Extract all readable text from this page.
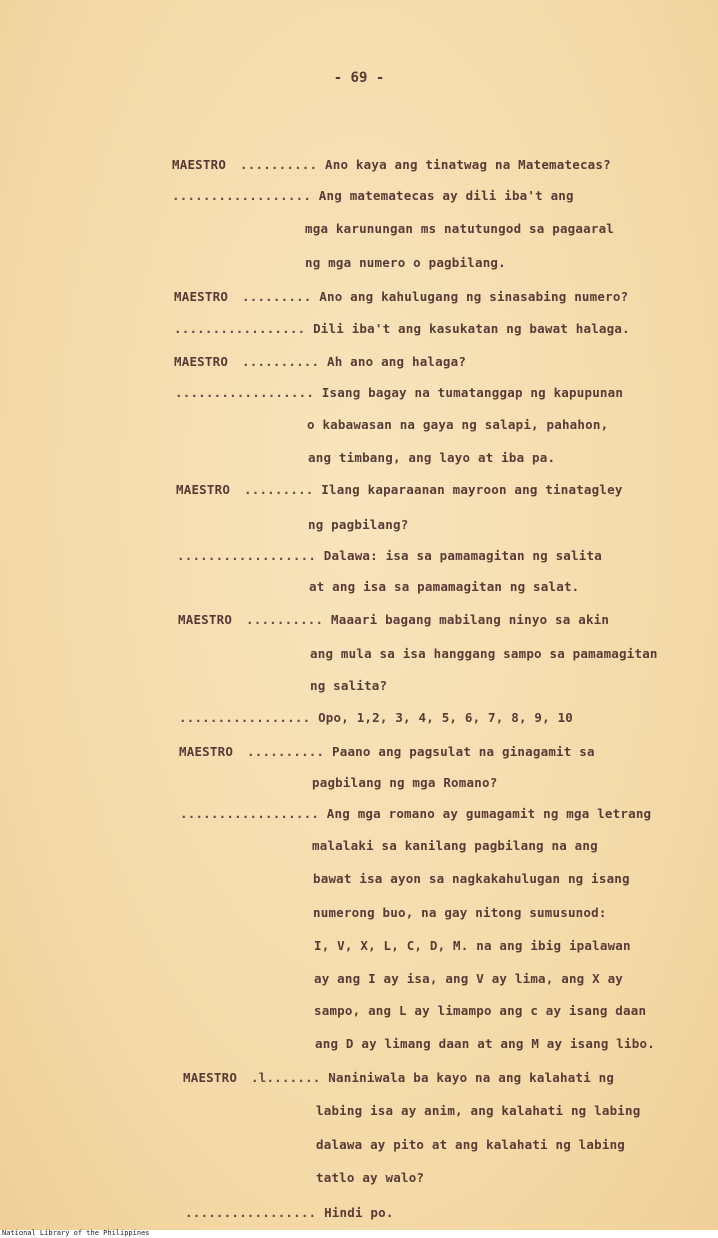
- 69 -
MAESTRO .......... Ano kaya ang tinatwag na Matematecas?
.................. Ang matematecas ay dili iba't ang
mga karunungan ms natutungod sa pagaaral
ng mga numero o pagbilang.
MAESTRO ......... Ano ang kahulugang ng sinasabing numero?
................. Dili iba't ang kasukatan ng bawat halaga.
MAESTRO .......... Ah ano ang halaga?
.................. Isang bagay na tumatanggap ng kapupunan
o kabawasan na gaya ng salapi, pahahon,
ang timbang, ang layo at iba pa.
MAESTRO ......... Ilang kaparaanan mayroon ang tinatagley
ng pagbilang?
.................. Dalawa: isa sa pamamagitan ng salita
at ang isa sa pamamagitan ng salat.
MAESTRO .......... Maaari bagang mabilang ninyo sa akin
ang mula sa isa hanggang sampo sa pamamagitan
ng salita?
................. Opo, 1,2, 3, 4, 5, 6, 7, 8, 9, 10
MAESTRO .......... Paano ang pagsulat na ginagamit sa
pagbilang ng mga Romano?
.................. Ang mga romano ay gumagamit ng mga letrang
malalaki sa kanilang pagbilang na ang
bawat isa ayon sa nagkakahulugan ng isang
numerong buo, na gay nitong sumusunod:
I, V, X, L, C, D, M. na ang ibig ipalawan
ay ang I ay isa, ang V ay lima, ang X ay
sampo, ang L ay limampo ang c ay isang daan
ang D ay limang daan at ang M ay isang libo.
MAESTRO .l....... Naniniwala ba kayo na ang kalahati ng
labing isa ay anim, ang kalahati ng labing
dalawa ay pito at ang kalahati ng labing
tatlo ay walo?
................. Hindi po.
National Library of the Philippines
